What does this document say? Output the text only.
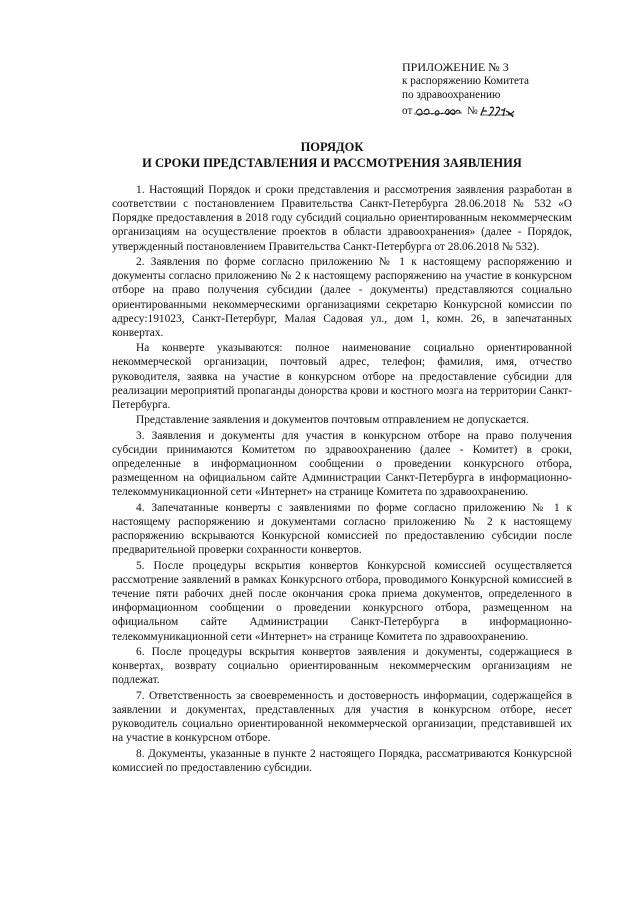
ПРИЛОЖЕНИЕ № 3
к распоряжению Комитета
по здравоохранению
от	№
ПОРЯДОК
И СРОКИ ПРЕДСТАВЛЕНИЯ И РАССМОТРЕНИЯ ЗАЯВЛЕНИЯ

1. Настоящий Порядок и сроки представления и рассмотрения заявления разработан в соответствии с постановлением Правительства Санкт-Петербурга 28.06.2018 № 532 «О Порядке предоставления в 2018 году субсидий социально ориентированным некоммерческим организациям на осуществление проектов в области здравоохранения» (далее - Порядок, утвержденный постановлением Правительства Санкт-Петербурга от 28.06.2018 № 532).

2. Заявления по форме согласно приложению № 1 к настоящему распоряжению и документы согласно приложению № 2 к настоящему распоряжению на участие в конкурсном отборе на право получения субсидии (далее - документы) представляются социально ориентированными некоммерческими организациями секретарю Конкурсной комиссии по адресу:191023, Санкт-Петербург, Малая Садовая ул., дом 1, комн. 26, в запечатанных конвертах.

На конверте указываются: полное наименование социально ориентированной некоммерческой организации, почтовый адрес, телефон; фамилия, имя, отчество руководителя, заявка на участие в конкурсном отборе на предоставление субсидии для реализации мероприятий пропаганды донорства крови и костного мозга на территории Санкт-Петербурга.

Представление заявления и документов почтовым отправлением не допускается.

3. Заявления и документы для участия в конкурсном отборе на право получения субсидии принимаются Комитетом по здравоохранению (далее - Комитет) в сроки, определенные в информационном сообщении о проведении конкурсного отбора, размещенном на официальном сайте Администрации Санкт-Петербурга в информационно-телекоммуникационной сети «Интернет» на странице Комитета по здравоохранению.

4. Запечатанные конверты с заявлениями по форме согласно приложению № 1 к настоящему распоряжению и документами согласно приложению № 2 к настоящему распоряжению вскрываются Конкурсной комиссией по предоставлению субсидии после предварительной проверки сохранности конвертов.

5. После процедуры вскрытия конвертов Конкурсной комиссией осуществляется рассмотрение заявлений в рамках Конкурсного отбора, проводимого Конкурсной комиссией в течение пяти рабочих дней после окончания срока приема документов, определенного в информационном сообщении о проведении конкурсного отбора, размещенном на официальном сайте Администрации Санкт-Петербурга в информационно-телекоммуникационной сети «Интернет» на странице Комитета по здравоохранению.

6. После процедуры вскрытия конвертов заявления и документы, содержащиеся в конвертах, возврату социально ориентированным некоммерческим организациям не подлежат.

7. Ответственность за своевременность и достоверность информации, содержащейся в заявлении и документах, представленных для участия в конкурсном отборе, несет руководитель социально ориентированной некоммерческой организации, представившей их на участие в конкурсном отборе.

8. Документы, указанные в пункте 2 настоящего Порядка, рассматриваются Конкурсной комиссией по предоставлению субсидии.
